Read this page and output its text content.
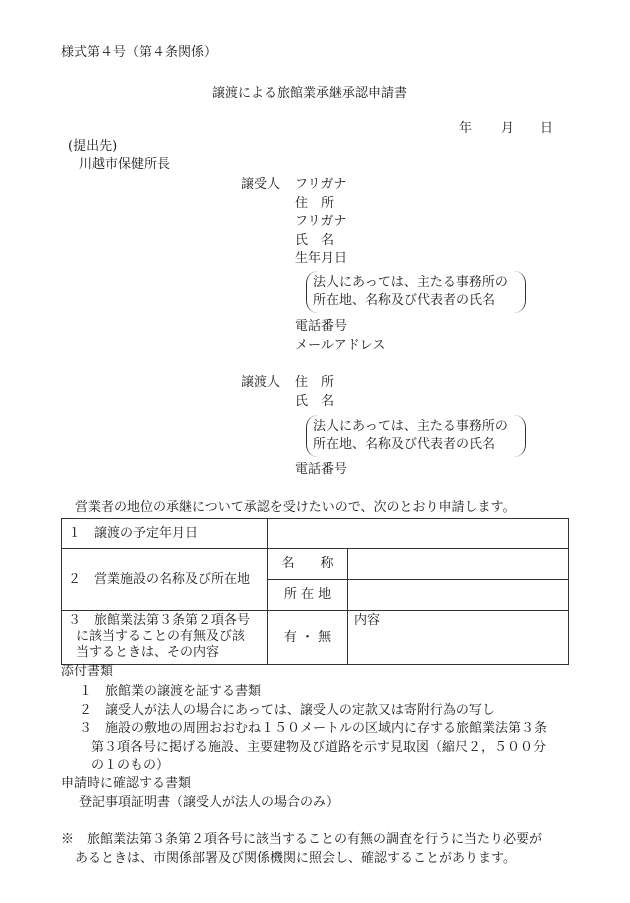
様式第４号（第４条関係）
譲渡による旅館業承継承認申請書
年 月 日
(提出先)
川越市保健所長
譲受人 フリガナ
住　所
フリガナ
氏　名
生年月日
法人にあっては、主たる事務所の
所在地、名称及び代表者の氏名
電話番号
メールアドレス
譲渡人 住　所
氏　名
法人にあっては、主たる事務所の
所在地、名称及び代表者の氏名
電話番号
営業者の地位の承継について承認を受けたいので、次のとおり申請します。
１　譲渡の予定年月日		
２　営業施設の名称及び所在地	名　　称	
	所 在 地	

３　旅館業法第３条第２項各号
に該当することの有無及び該
当するときは、その内容	有 ・ 無	内容
添付書類
１　旅館業の譲渡を証する書類
２　譲受人が法人の場合にあっては、譲受人の定款又は寄附行為の写し
３　施設の敷地の周囲おおむね１５０メートルの区域内に存する旅館業法第３条
第３項各号に掲げる施設、主要建物及び道路を示す見取図（縮尺２，５００分
の１のもの）
申請時に確認する書類
登記事項証明書（譲受人が法人の場合のみ）
※　旅館業法第３条第２項各号に該当することの有無の調査を行うに当たり必要が
あるときは、市関係部署及び関係機関に照会し、確認することがあります。
